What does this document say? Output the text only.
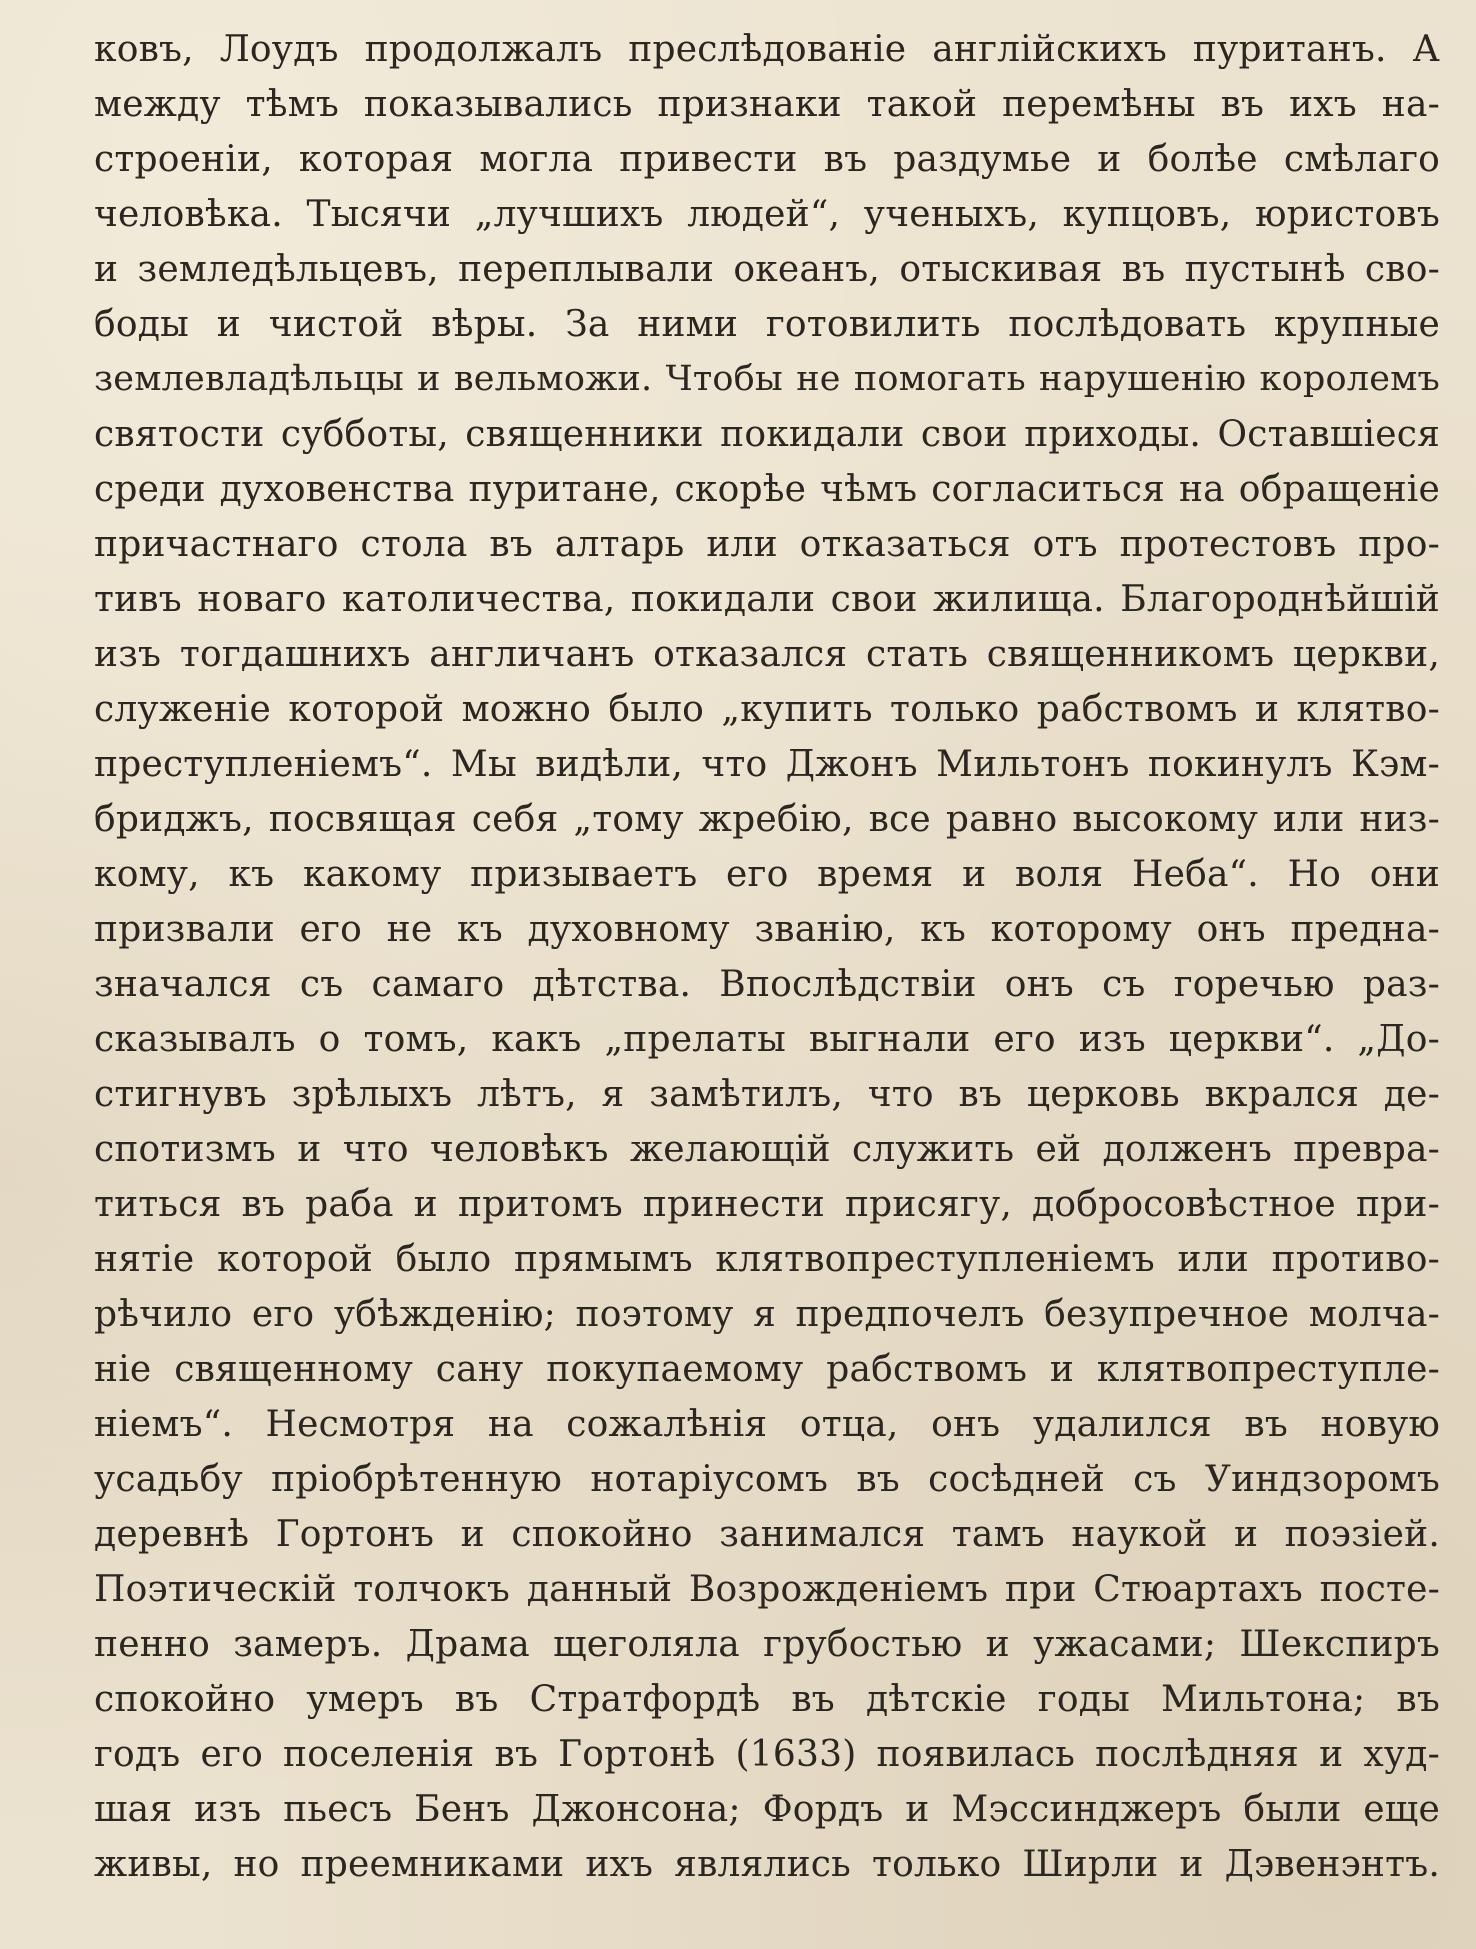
ковъ, Лоудъ продолжалъ преслѣдованіе англійскихъ пуританъ. А
между тѣмъ показывались признаки такой перемѣны въ ихъ на-
строеніи, которая могла привести въ раздумье и болѣе смѣлаго
человѣка. Тысячи „лучшихъ людей“, ученыхъ, купцовъ, юристовъ
и земледѣльцевъ, переплывали океанъ, отыскивая въ пустынѣ сво-
боды и чистой вѣры. За ними готовилить послѣдовать крупные
землевладѣльцы и вельможи. Чтобы не помогать нарушенію королемъ
святости субботы, священники покидали свои приходы. Оставшіеся
среди духовенства пуритане, скорѣе чѣмъ согласиться на обращеніе
причастнаго стола въ алтарь или отказаться отъ протестовъ про-
тивъ новаго католичества, покидали свои жилища. Благороднѣйшій
изъ тогдашнихъ англичанъ отказался стать священникомъ церкви,
служеніе которой можно было „купить только рабствомъ и клятво-
преступленіемъ“. Мы видѣли, что Джонъ Мильтонъ покинулъ Кэм-
бриджъ, посвящая себя „тому жребію, все равно высокому или низ-
кому, къ какому призываетъ его время и воля Неба“. Но они
призвали его не къ духовному званію, къ которому онъ предна-
значался съ самаго дѣтства. Впослѣдствіи онъ съ горечью раз-
сказывалъ о томъ, какъ „прелаты выгнали его изъ церкви“. „До-
стигнувъ зрѣлыхъ лѣтъ, я замѣтилъ, что въ церковь вкрался де-
спотизмъ и что человѣкъ желающій служить ей долженъ превра-
титься въ раба и притомъ принести присягу, добросовѣстное при-
нятіе которой было прямымъ клятвопреступленіемъ или противо-
рѣчило его убѣжденію; поэтому я предпочелъ безупречное молча-
ніе священному сану покупаемому рабствомъ и клятвопреступле-
ніемъ“. Несмотря на сожалѣнія отца, онъ удалился въ новую
усадьбу пріобрѣтенную нотаріусомъ въ сосѣдней съ Уиндзоромъ
деревнѣ Гортонъ и спокойно занимался тамъ наукой и поэзіей.
Поэтическій толчокъ данный Возрожденіемъ при Стюартахъ посте-
пенно замеръ. Драма щеголяла грубостью и ужасами; Шекспиръ
спокойно умеръ въ Стратфордѣ въ дѣтскіе годы Мильтона; въ
годъ его поселенія въ Гортонѣ (1633) появилась послѣдняя и худ-
шая изъ пьесъ Бенъ Джонсона; Фордъ и Мэссинджеръ были еще
живы, но преемниками ихъ являлись только Ширли и Дэвенэнтъ.
